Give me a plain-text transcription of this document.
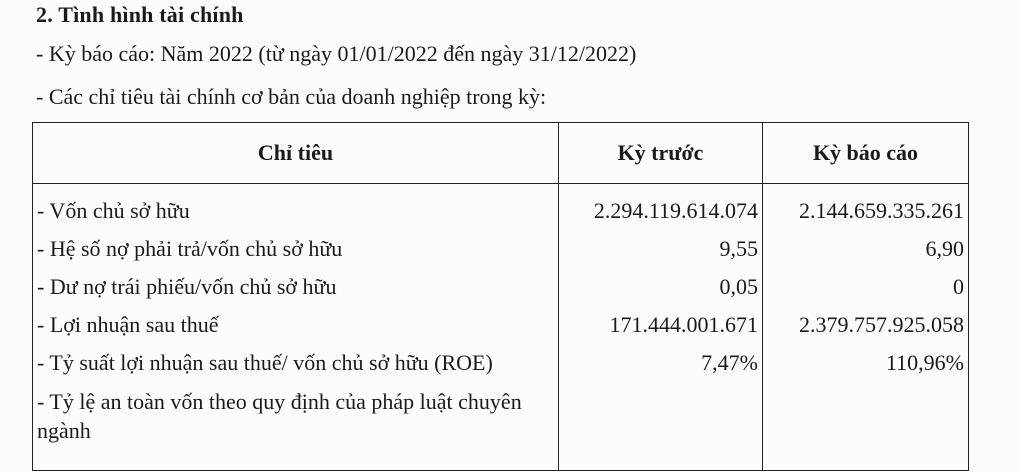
2. Tình hình tài chính
- Kỳ báo cáo: Năm 2022 (từ ngày 01/01/2022 đến ngày 31/12/2022)
- Các chỉ tiêu tài chính cơ bản của doanh nghiệp trong kỳ:
Chỉ tiêu	Kỳ trước	Kỳ báo cáo
- Vốn chủ sở hữu	2.294.119.614.074	2.144.659.335.261
- Hệ số nợ phải trả/vốn chủ sở hữu	9,55	6,90
- Dư nợ trái phiếu/vốn chủ sở hữu	0,05	0
- Lợi nhuận sau thuế	171.444.001.671	2.379.757.925.058
- Tỷ suất lợi nhuận sau thuế/ vốn chủ sở hữu (ROE)	7,47%	110,96%
- Tỷ lệ an toàn vốn theo quy định của pháp luật chuyên ngành		
